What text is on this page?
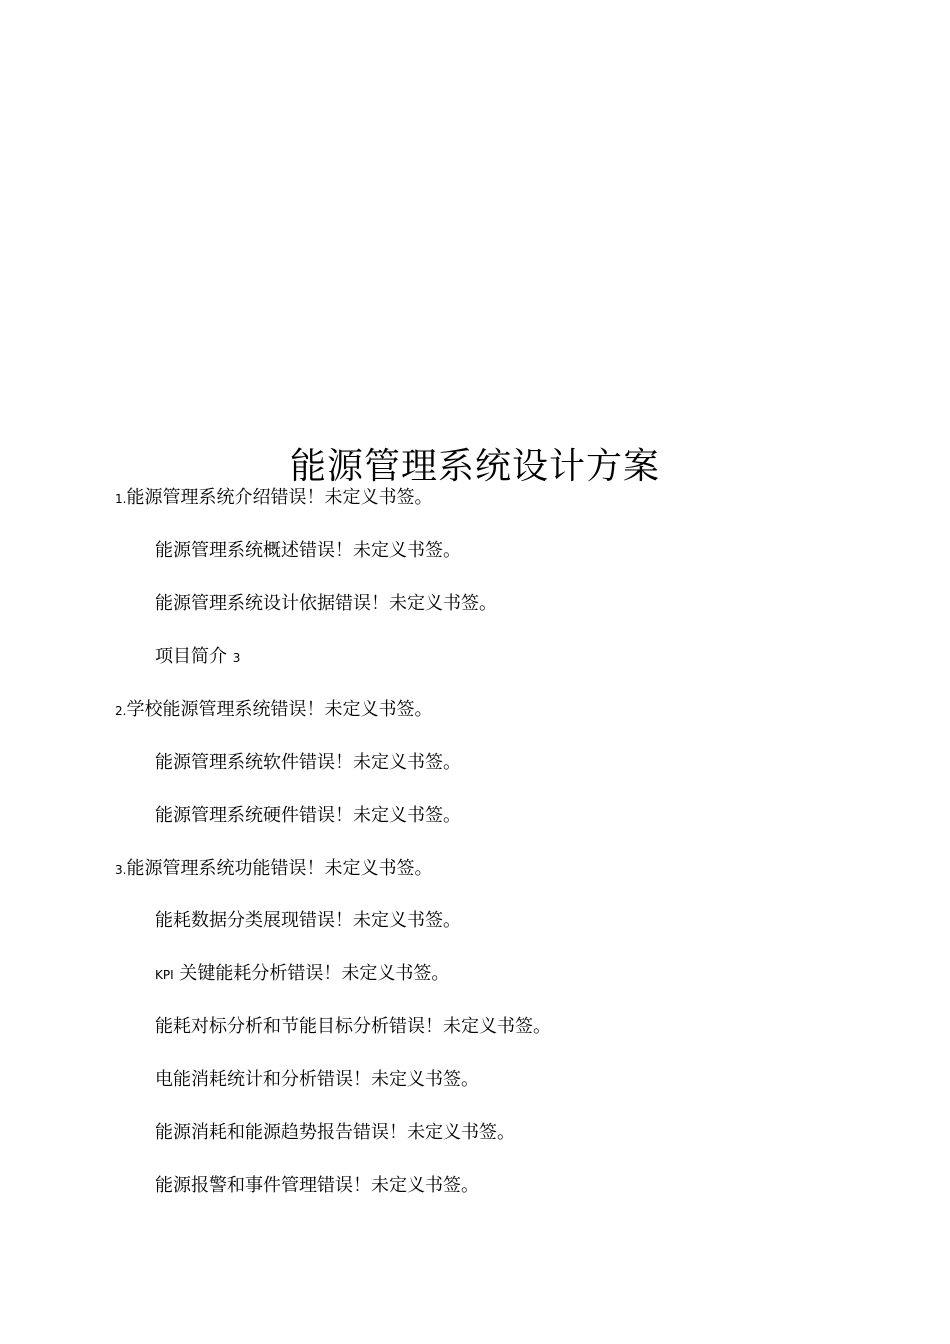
能源管理系统设计方案
1.能源管理系统介绍错误！未定义书签。
能源管理系统概述错误！未定义书签。
能源管理系统设计依据错误！未定义书签。
项目简介 3
2.学校能源管理系统错误！未定义书签。
能源管理系统软件错误！未定义书签。
能源管理系统硬件错误！未定义书签。
3.能源管理系统功能错误！未定义书签。
能耗数据分类展现错误！未定义书签。
KPI 关键能耗分析错误！未定义书签。
能耗对标分析和节能目标分析错误！未定义书签。
电能消耗统计和分析错误！未定义书签。
能源消耗和能源趋势报告错误！未定义书签。
能源报警和事件管理错误！未定义书签。
